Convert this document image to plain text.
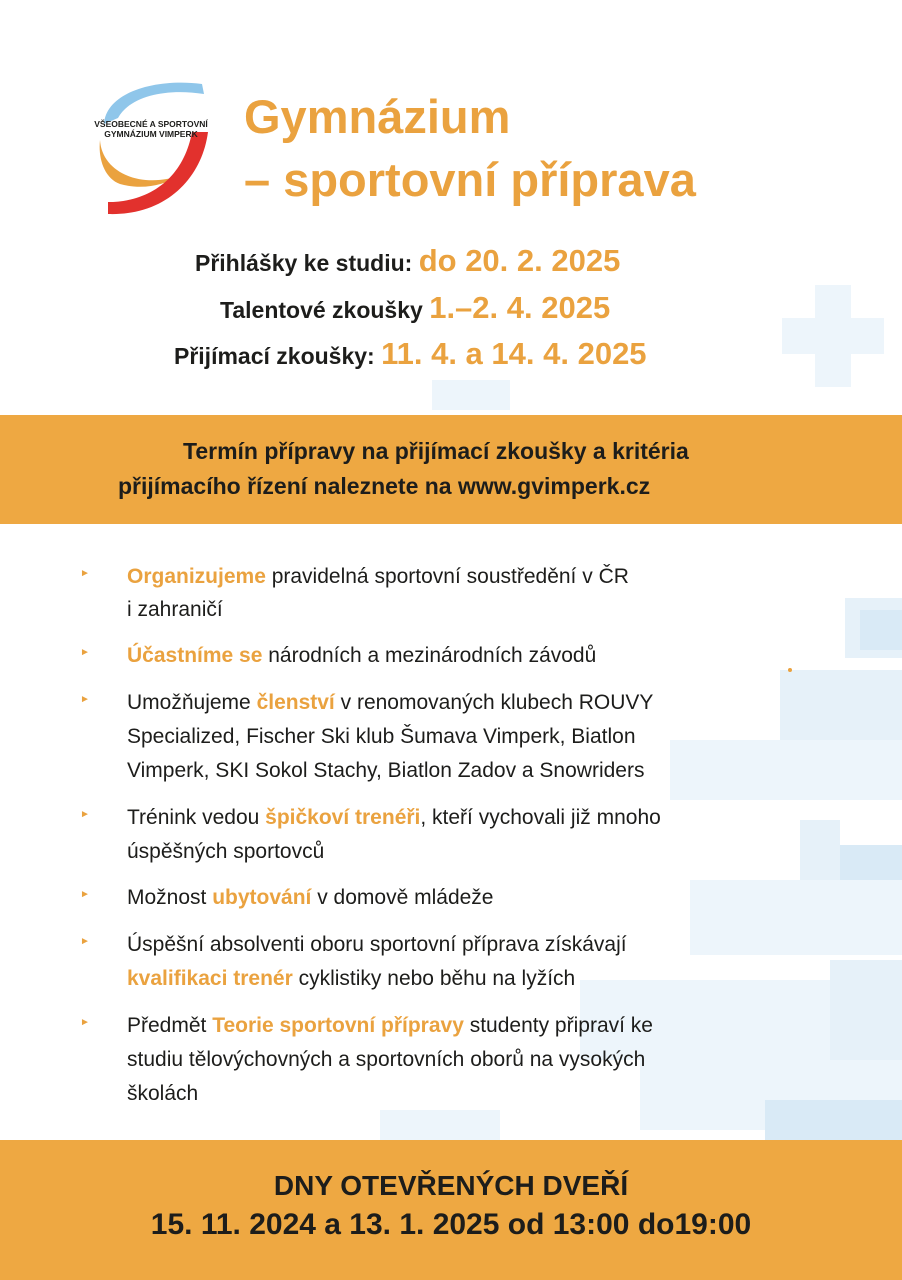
VŠEOBECNÉ A SPORTOVNÍ
GYMNÁZIUM VIMPERK Gymnázium
– sportovní příprava
Přihlášky ke studiu: do 20. 2. 2025
Talentové zkoušky 1.–2. 4. 2025
Přijímací zkoušky: 11. 4. a 14. 4. 2025
Termín přípravy na přijímací zkoušky a kritéria
přijímacího řízení naleznete na www.gvimperk.cz
► Organizujeme pravidelná sportovní soustředění v ČR
i zahraničí
► Účastníme se národních a mezinárodních závodů
► Umožňujeme členství v renomovaných klubech ROUVY
Specialized, Fischer Ski klub Šumava Vimperk, Biatlon
Vimperk, SKI Sokol Stachy, Biatlon Zadov a Snowriders
► Trénink vedou špičkoví trenéři, kteří vychovali již mnoho
úspěšných sportovců
► Možnost ubytování v domově mládeže
► Úspěšní absolventi oboru sportovní příprava získávají
kvalifikaci trenér cyklistiky nebo běhu na lyžích
► Předmět Teorie sportovní přípravy studenty připraví ke
studiu tělovýchovných a sportovních oborů na vysokých
školách
DNY OTEVŘENÝCH DVEŘÍ
15. 11. 2024 a 13. 1. 2025 od 13:00 do19:00
